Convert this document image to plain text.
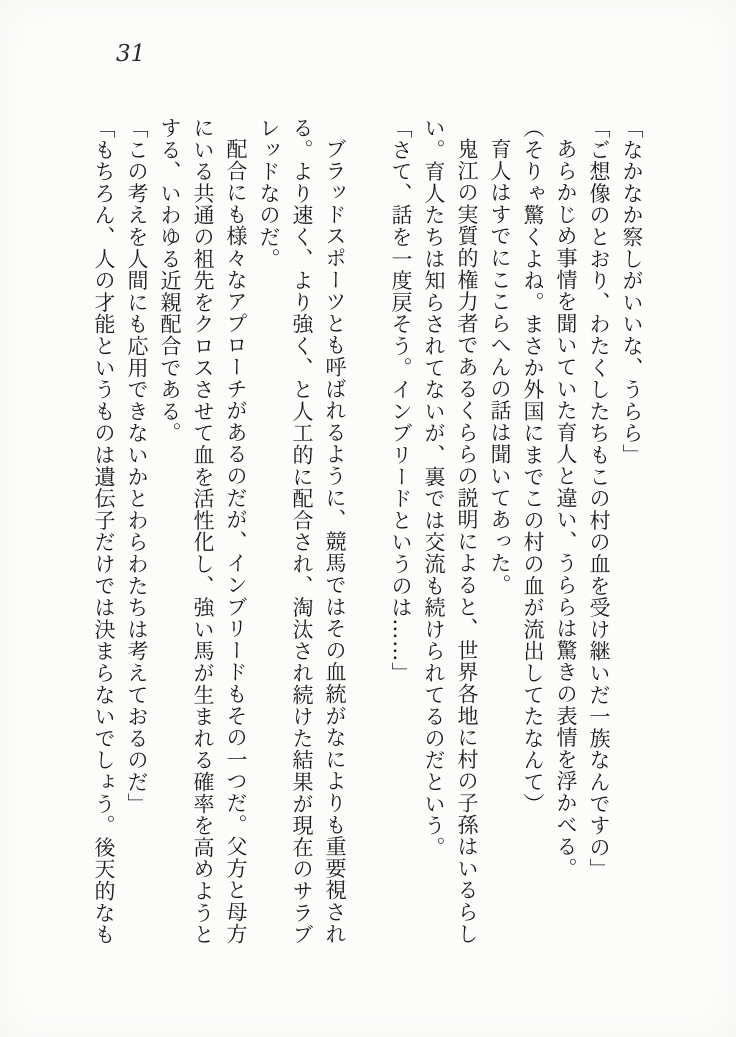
31

「なかなか察しがいいな、うらら」

「ご想像のとおり、わたくしたちもこの村の血を受け継いだ一族なんですの」

あらかじめ事情を聞いていた育人と違い、うららは驚きの表情を浮かべる。

（そりゃ驚くよね。まさか外国にまでこの村の血が流出してたなんて）

育人はすでにここらへんの話は聞いてあった。

鬼江の実質的権力者であるくららの説明によると、世界各地に村の子孫はいるらしい。育人たちは知らされてないが、裏では交流も続けられてるのだという。

「さて、話を一度戻そう。インブリードというのは……」

ブラッドスポーツとも呼ばれるように、競馬ではその血統がなによりも重要視される。より速く、より強く、と人工的に配合され、淘汰され続けた結果が現在のサラブレッドなのだ。

配合にも様々なアプローチがあるのだが、インブリードもその一つだ。父方と母方にいる共通の祖先をクロスさせて血を活性化し、強い馬が生まれる確率を高めようとする、いわゆる近親配合である。

「この考えを人間にも応用できないかとわらわたちは考えておるのだ」

「もちろん、人の才能というものは遺伝子だけでは決まらないでしょう。後天的なも
